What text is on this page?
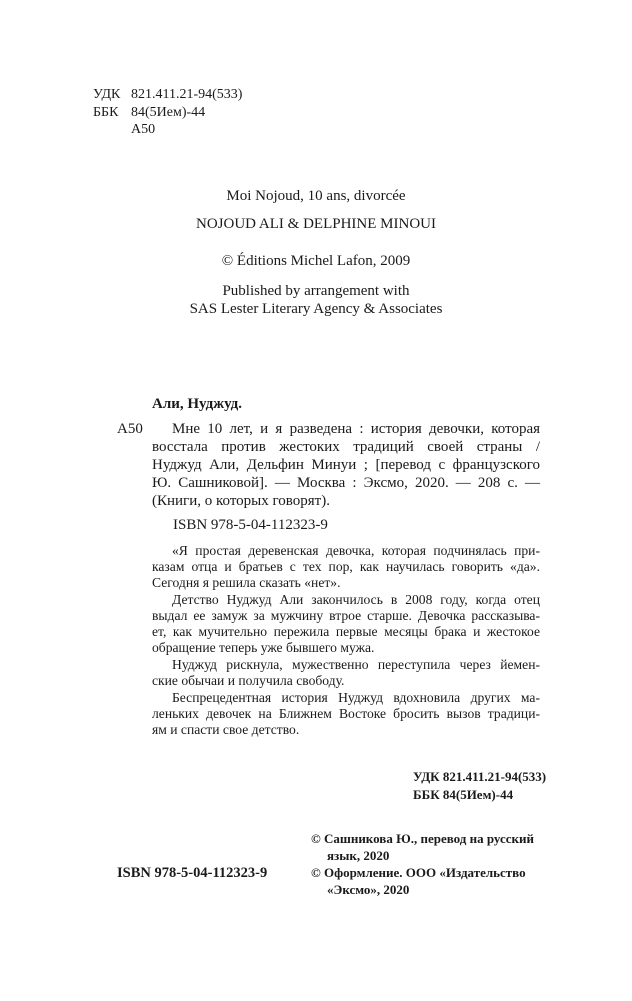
УДК 821.411.21-94(533)
ББК 84(5Ием)-44
А50
Moi Nojoud, 10 ans, divorcée
NOJOUD ALI & DELPHINE MINOUI
© Éditions Michel Lafon, 2009
Published by arrangement with
SAS Lester Literary Agency & Associates
Али, Нуджуд.
А50 Мне 10 лет, и я разведена : история девочки, которая
восстала против жестоких традиций своей страны /
Нуджуд Али, Дельфин Минуи ; [перевод с французского
Ю. Сашниковой]. — Москва : Эксмо, 2020. — 208 с. —
(Книги, о которых говорят).
ISBN 978-5-04-112323-9
«Я простая деревенская девочка, которая подчинялась при-
казам отца и братьев с тех пор, как научилась говорить «да».
Сегодня я решила сказать «нет».
Детство Нуджуд Али закончилось в 2008 году, когда отец
выдал ее замуж за мужчину втрое старше. Девочка рассказыва-
ет, как мучительно пережила первые месяцы брака и жестокое
обращение теперь уже бывшего мужа.
Нуджуд рискнула, мужественно переступила через йемен-
ские обычаи и получила свободу.
Беспрецедентная история Нуджуд вдохновила других ма-
леньких девочек на Ближнем Востоке бросить вызов традици-
ям и спасти свое детство.
УДК 821.411.21-94(533)
ББК 84(5Ием)-44
ISBN 978-5-04-112323-9
© Сашникова Ю., перевод на русский
язык, 2020
© Оформление. ООО «Издательство
«Эксмо», 2020
